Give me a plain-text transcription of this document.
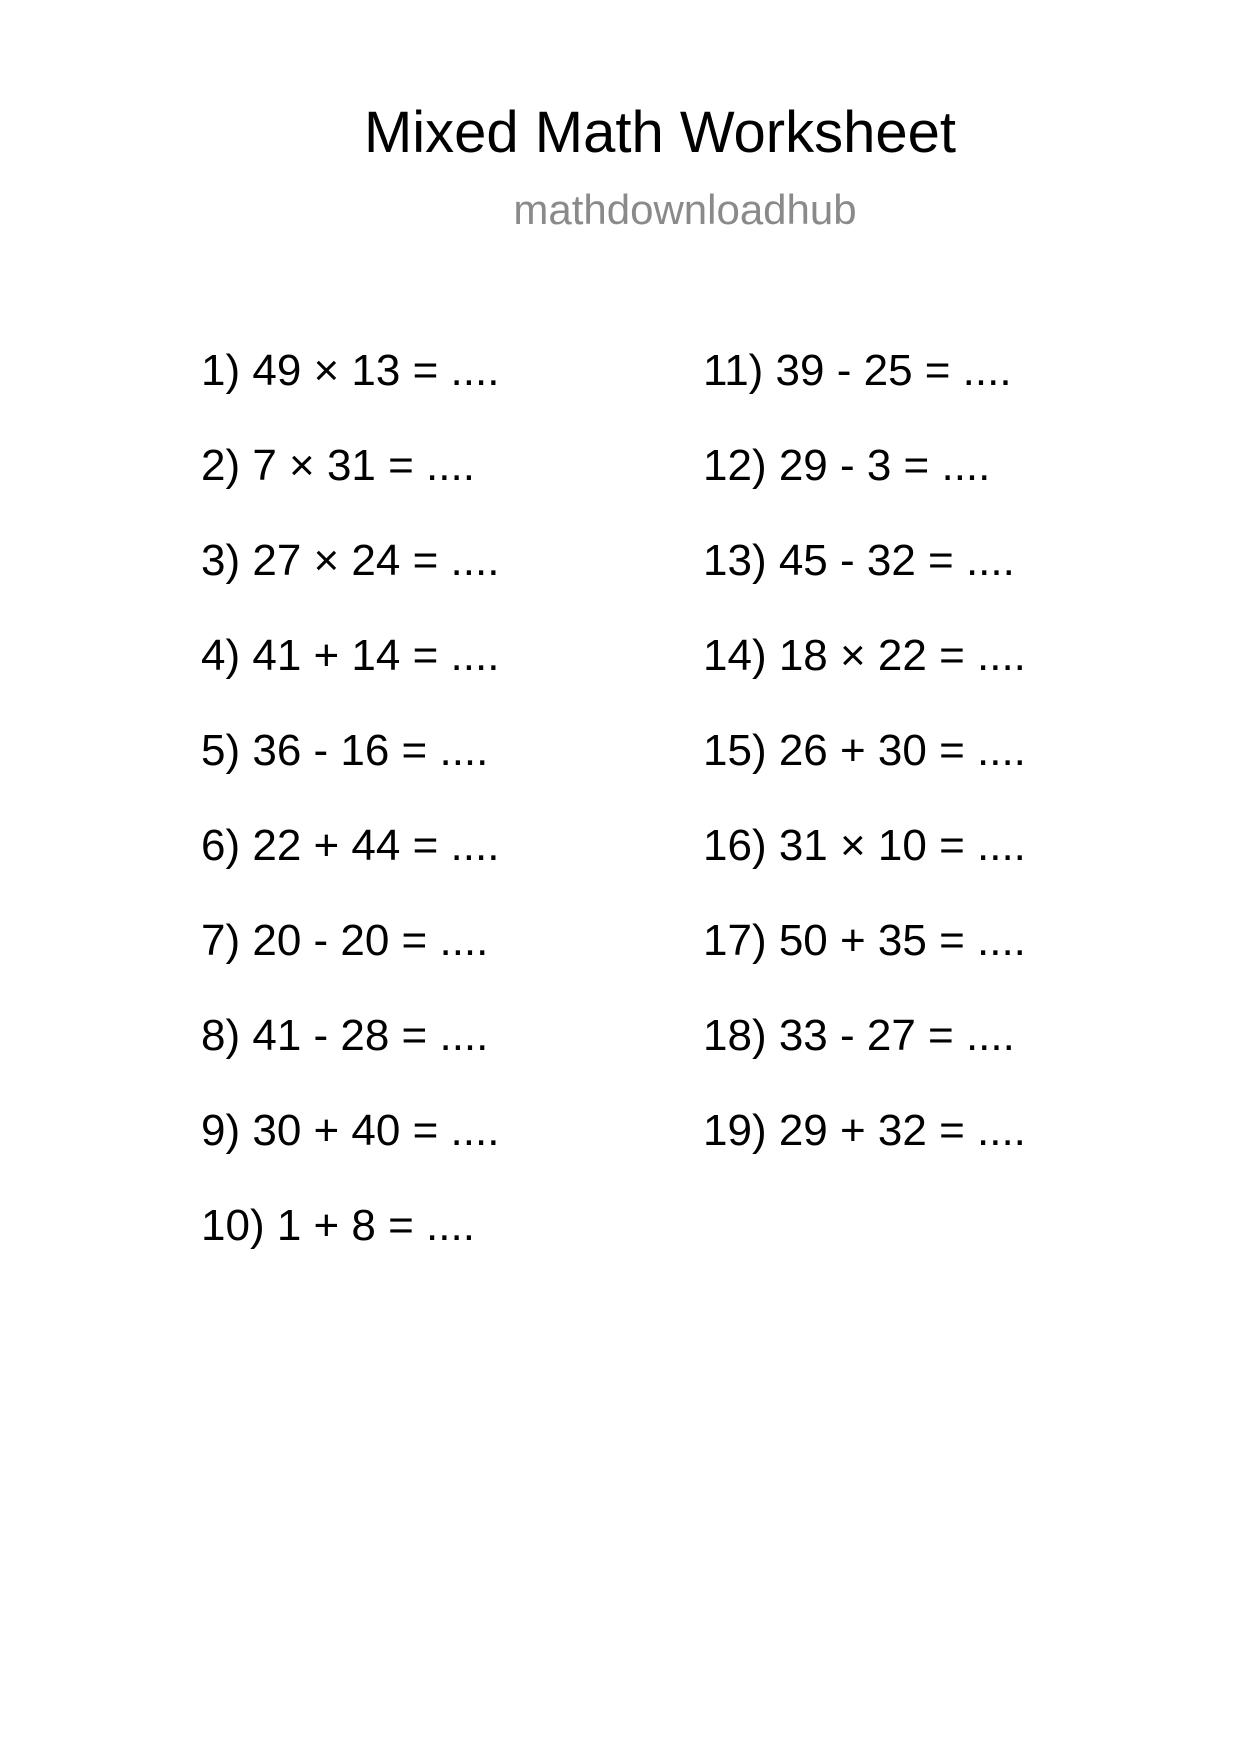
Mixed Math Worksheet
mathdownloadhub
1) 49 × 13 = ....
2) 7 × 31 = ....
3) 27 × 24 = ....
4) 41 + 14 = ....
5) 36 - 16 = ....
6) 22 + 44 = ....
7) 20 - 20 = ....
8) 41 - 28 = ....
9) 30 + 40 = ....
10) 1 + 8 = ....
11) 39 - 25 = ....
12) 29 - 3 = ....
13) 45 - 32 = ....
14) 18 × 22 = ....
15) 26 + 30 = ....
16) 31 × 10 = ....
17) 50 + 35 = ....
18) 33 - 27 = ....
19) 29 + 32 = ....
